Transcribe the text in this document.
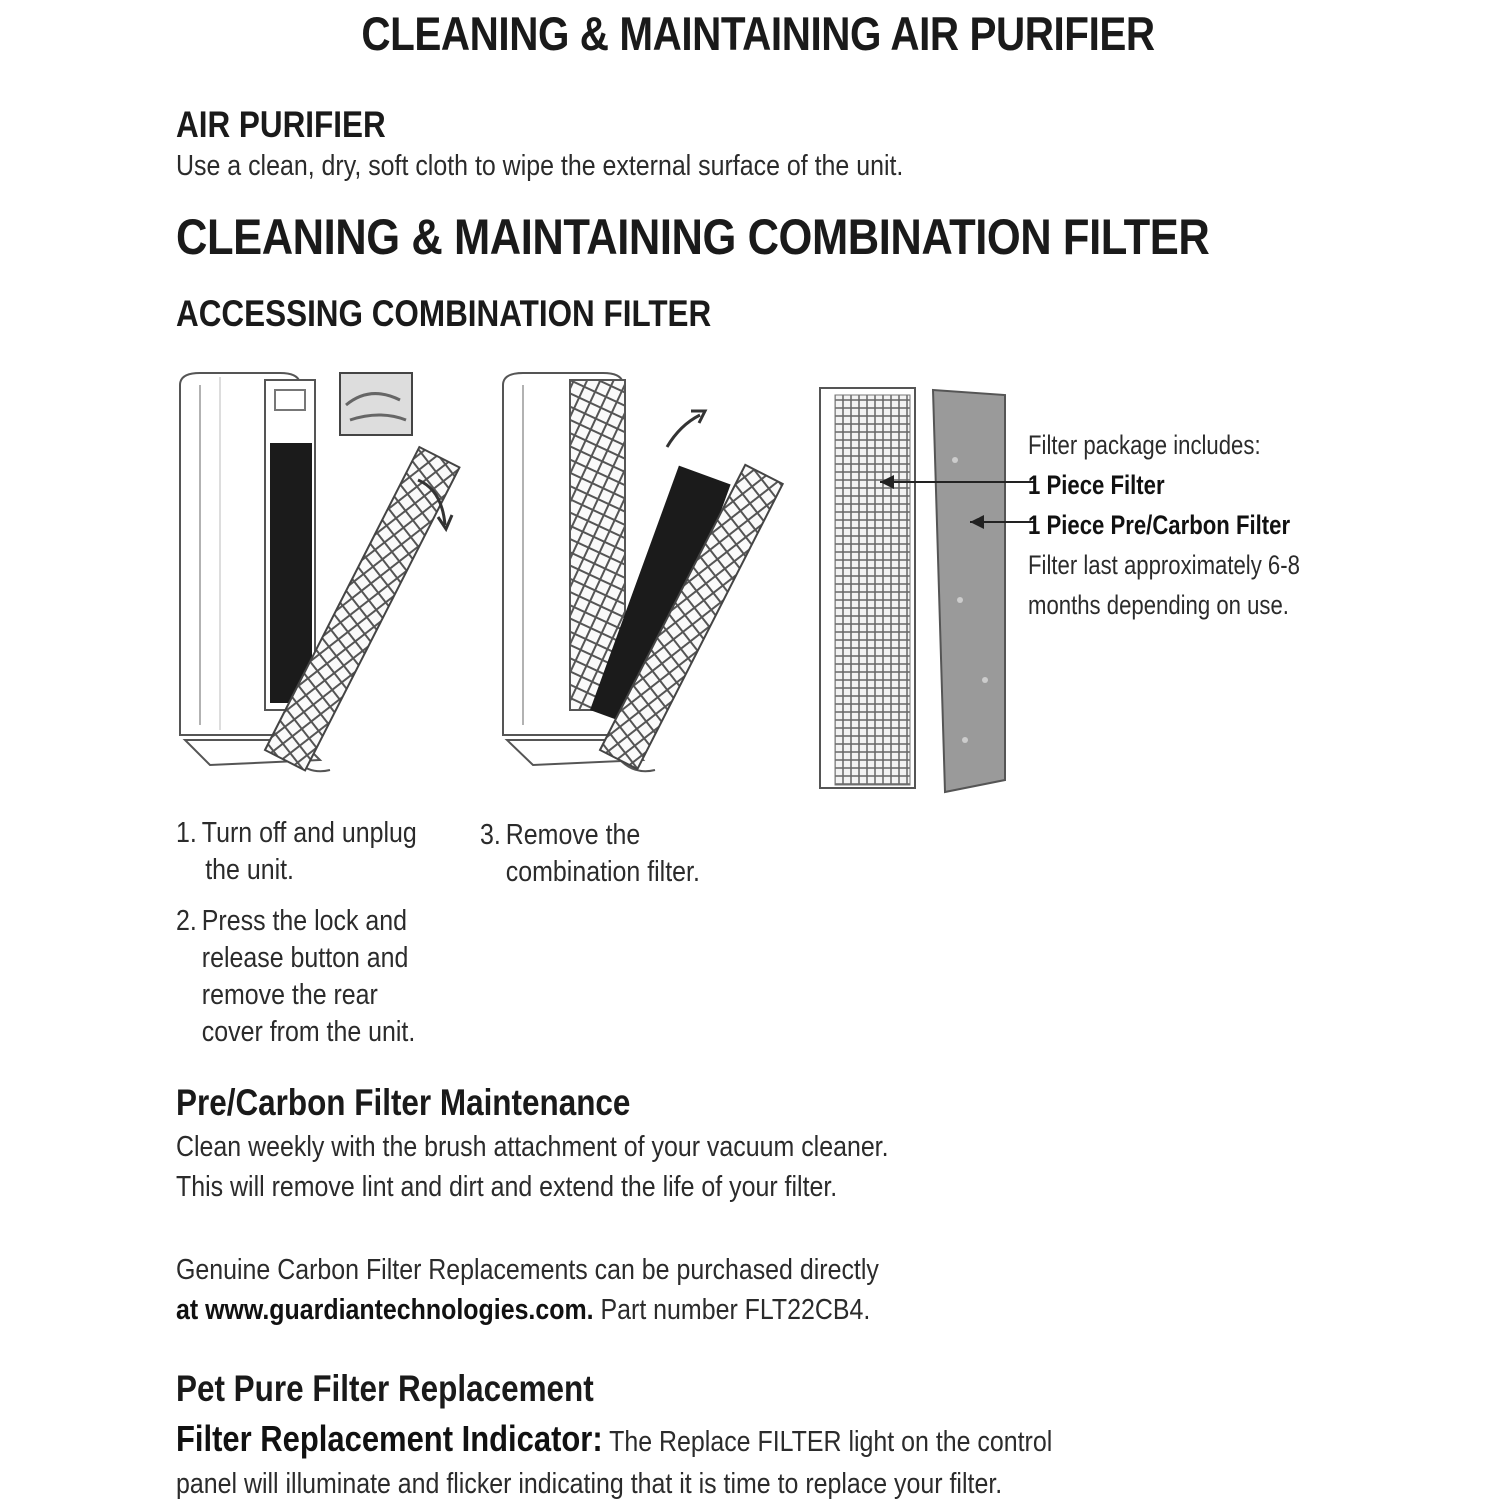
CLEANING & MAINTAINING AIR PURIFIER
AIR PURIFIER
Use a clean, dry, soft cloth to wipe the external surface of the unit.
CLEANING & MAINTAINING COMBINATION FILTER
ACCESSING COMBINATION FILTER
Filter package includes:
1 Piece Filter
1 Piece Pre/Carbon Filter
Filter last approximately 6-8
months depending on use.
1. Turn off and unplug
the unit.
2. Press the lock and
release button and
remove the rear
cover from the unit.
3. Remove the
combination filter.
Pre/Carbon Filter Maintenance
Clean weekly with the brush attachment of your vacuum cleaner.
This will remove lint and dirt and extend the life of your filter.
Genuine Carbon Filter Replacements can be purchased directly
at www.guardiantechnologies.com. Part number FLT22CB4.
Pet Pure Filter Replacement
Filter Replacement Indicator: The Replace FILTER light on the control
panel will illuminate and flicker indicating that it is time to replace your filter.
